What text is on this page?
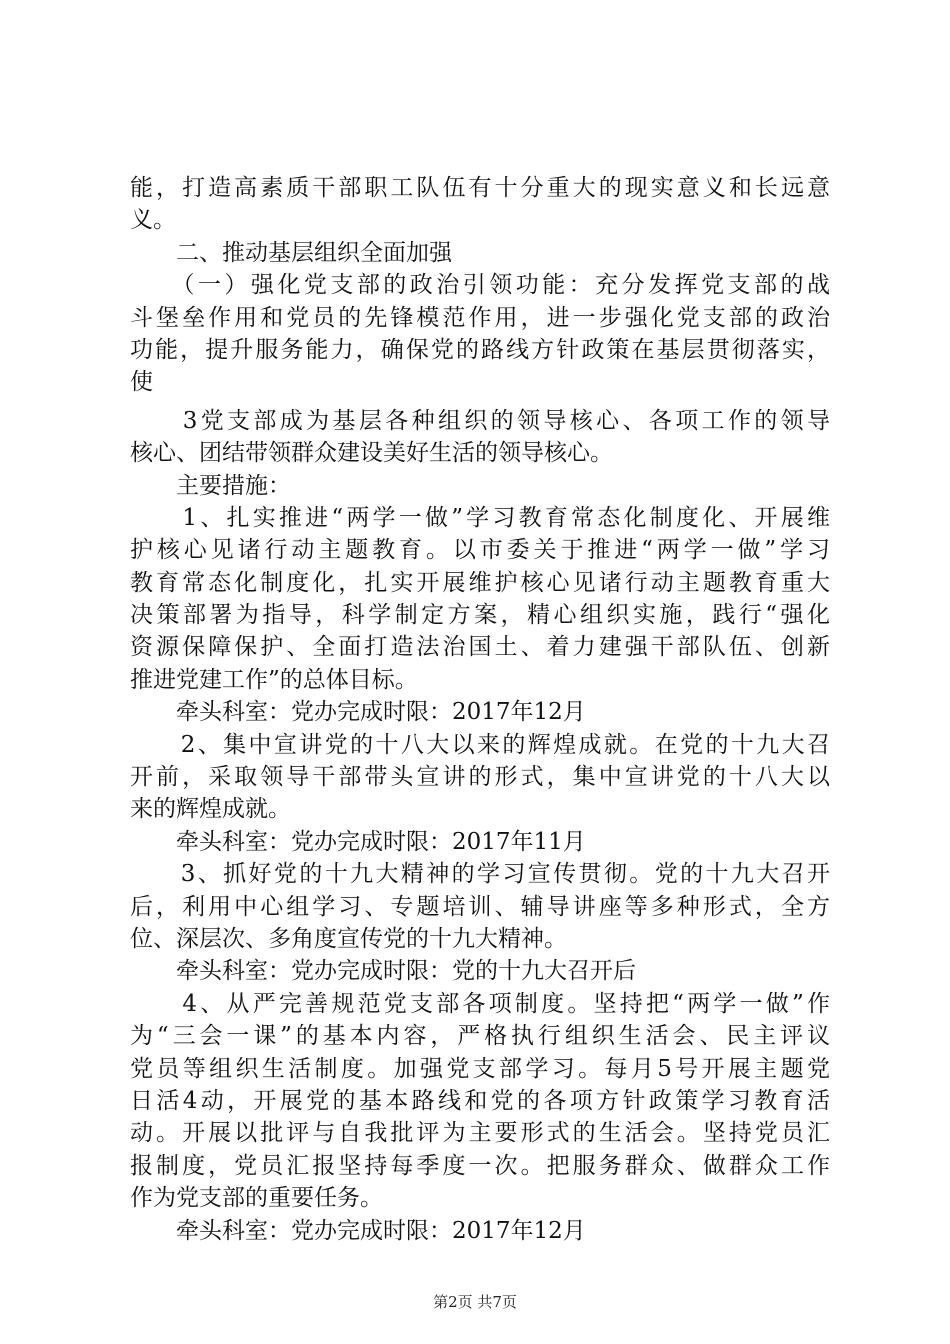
能，打造高素质干部职工队伍有十分重大的现实意义和长远意
义。
　　二、推动基层组织全面加强
　　（一）强化党支部的政治引领功能：充分发挥党支部的战
斗堡垒作用和党员的先锋模范作用，进一步强化党支部的政治
功能，提升服务能力，确保党的路线方针政策在基层贯彻落实，
使
　　3党支部成为基层各种组织的领导核心、各项工作的领导
核心、团结带领群众建设美好生活的领导核心。
　　主要措施：
　　1、扎实推进“两学一做”学习教育常态化制度化、开展维
护核心见诸行动主题教育。以市委关于推进“两学一做”学习
教育常态化制度化，扎实开展维护核心见诸行动主题教育重大
决策部署为指导，科学制定方案，精心组织实施，践行“强化
资源保障保护、全面打造法治国土、着力建强干部队伍、创新
推进党建工作”的总体目标。
　　牵头科室：党办完成时限：2017年12月
　　2、集中宣讲党的十八大以来的辉煌成就。在党的十九大召
开前，采取领导干部带头宣讲的形式，集中宣讲党的十八大以
来的辉煌成就。
　　牵头科室：党办完成时限：2017年11月
　　3、抓好党的十九大精神的学习宣传贯彻。党的十九大召开
后，利用中心组学习、专题培训、辅导讲座等多种形式，全方
位、深层次、多角度宣传党的十九大精神。
　　牵头科室：党办完成时限：党的十九大召开后
　　4、从严完善规范党支部各项制度。坚持把“两学一做”作
为“三会一课”的基本内容，严格执行组织生活会、民主评议
党员等组织生活制度。加强党支部学习。每月5号开展主题党
日活4动，开展党的基本路线和党的各项方针政策学习教育活
动。开展以批评与自我批评为主要形式的生活会。坚持党员汇
报制度，党员汇报坚持每季度一次。把服务群众、做群众工作
作为党支部的重要任务。
　　牵头科室：党办完成时限：2017年12月
第2页 共7页
